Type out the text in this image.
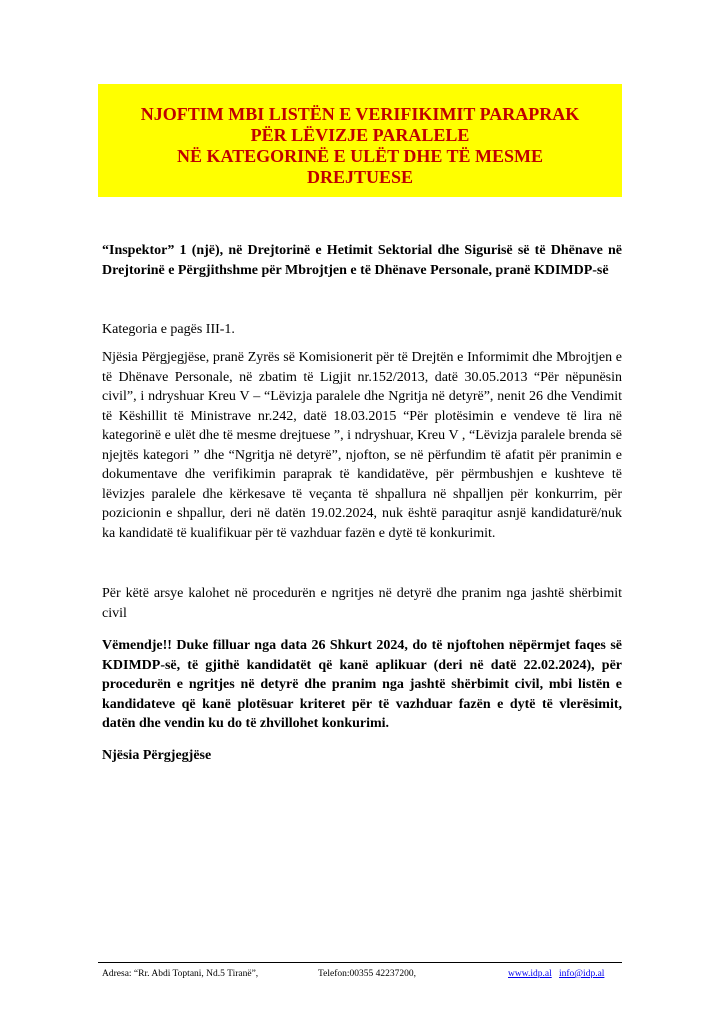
NJOFTIM MBI LISTËN E VERIFIKIMIT PARAPRAK

PËR LËVIZJE PARALELE

NË KATEGORINË E ULËT DHE TË MESME

DREJTUESE

“Inspektor” 1 (një), në Drejtorinë e Hetimit Sektorial dhe Sigurisë së të Dhënave në Drejtorinë e Përgjithshme për Mbrojtjen e të Dhënave Personale, pranë KDIMDP-së

Kategoria e pagës III-1.

Njësia Përgjegjëse, pranë Zyrës së Komisionerit për të Drejtën e Informimit dhe Mbrojtjen e të Dhënave Personale, në zbatim të Ligjit nr.152/2013, datë 30.05.2013 “Për nëpunësin civil”, i ndryshuar Kreu V – “Lëvizja paralele dhe Ngritja në detyrë”, nenit 26 dhe Vendimit të Këshillit të Ministrave nr.242, datë 18.03.2015 “Për plotësimin e vendeve të lira në kategorinë e ulët dhe të mesme drejtuese ”, i ndryshuar, Kreu V , “Lëvizja paralele brenda së njejtës kategori ” dhe “Ngritja në detyrë”, njofton, se në përfundim të afatit për pranimin e dokumentave dhe verifikimin paraprak të kandidatëve, për përmbushjen e kushteve të lëvizjes paralele dhe kërkesave të veçanta të shpallura në shpalljen për konkurrim, për pozicionin e shpallur, deri në datën 19.02.2024, nuk është paraqitur asnjë kandidaturë/nuk ka kandidatë të kualifikuar për të vazhduar fazën e dytë të konkurimit.

Për këtë arsye kalohet në procedurën e ngritjes në detyrë dhe pranim nga jashtë shërbimit civil

Vëmendje!! Duke filluar nga data 26 Shkurt 2024, do të njoftohen nëpërmjet faqes së KDIMDP-së, të gjithë kandidatët që kanë aplikuar (deri në datë 22.02.2024), për procedurën e ngritjes në detyrë dhe pranim nga jashtë shërbimit civil, mbi listën e kandidateve që kanë plotësuar kriteret për të vazhduar fazën e dytë të vlerësimit, datën dhe vendin ku do të zhvillohet konkurimi.

Njësia Përgjegjëse

Adresa: “Rr. Abdi Toptani, Nd.5 Tiranë”,	Telefon:00355 42237200,	www.idp.al info@idp.al
